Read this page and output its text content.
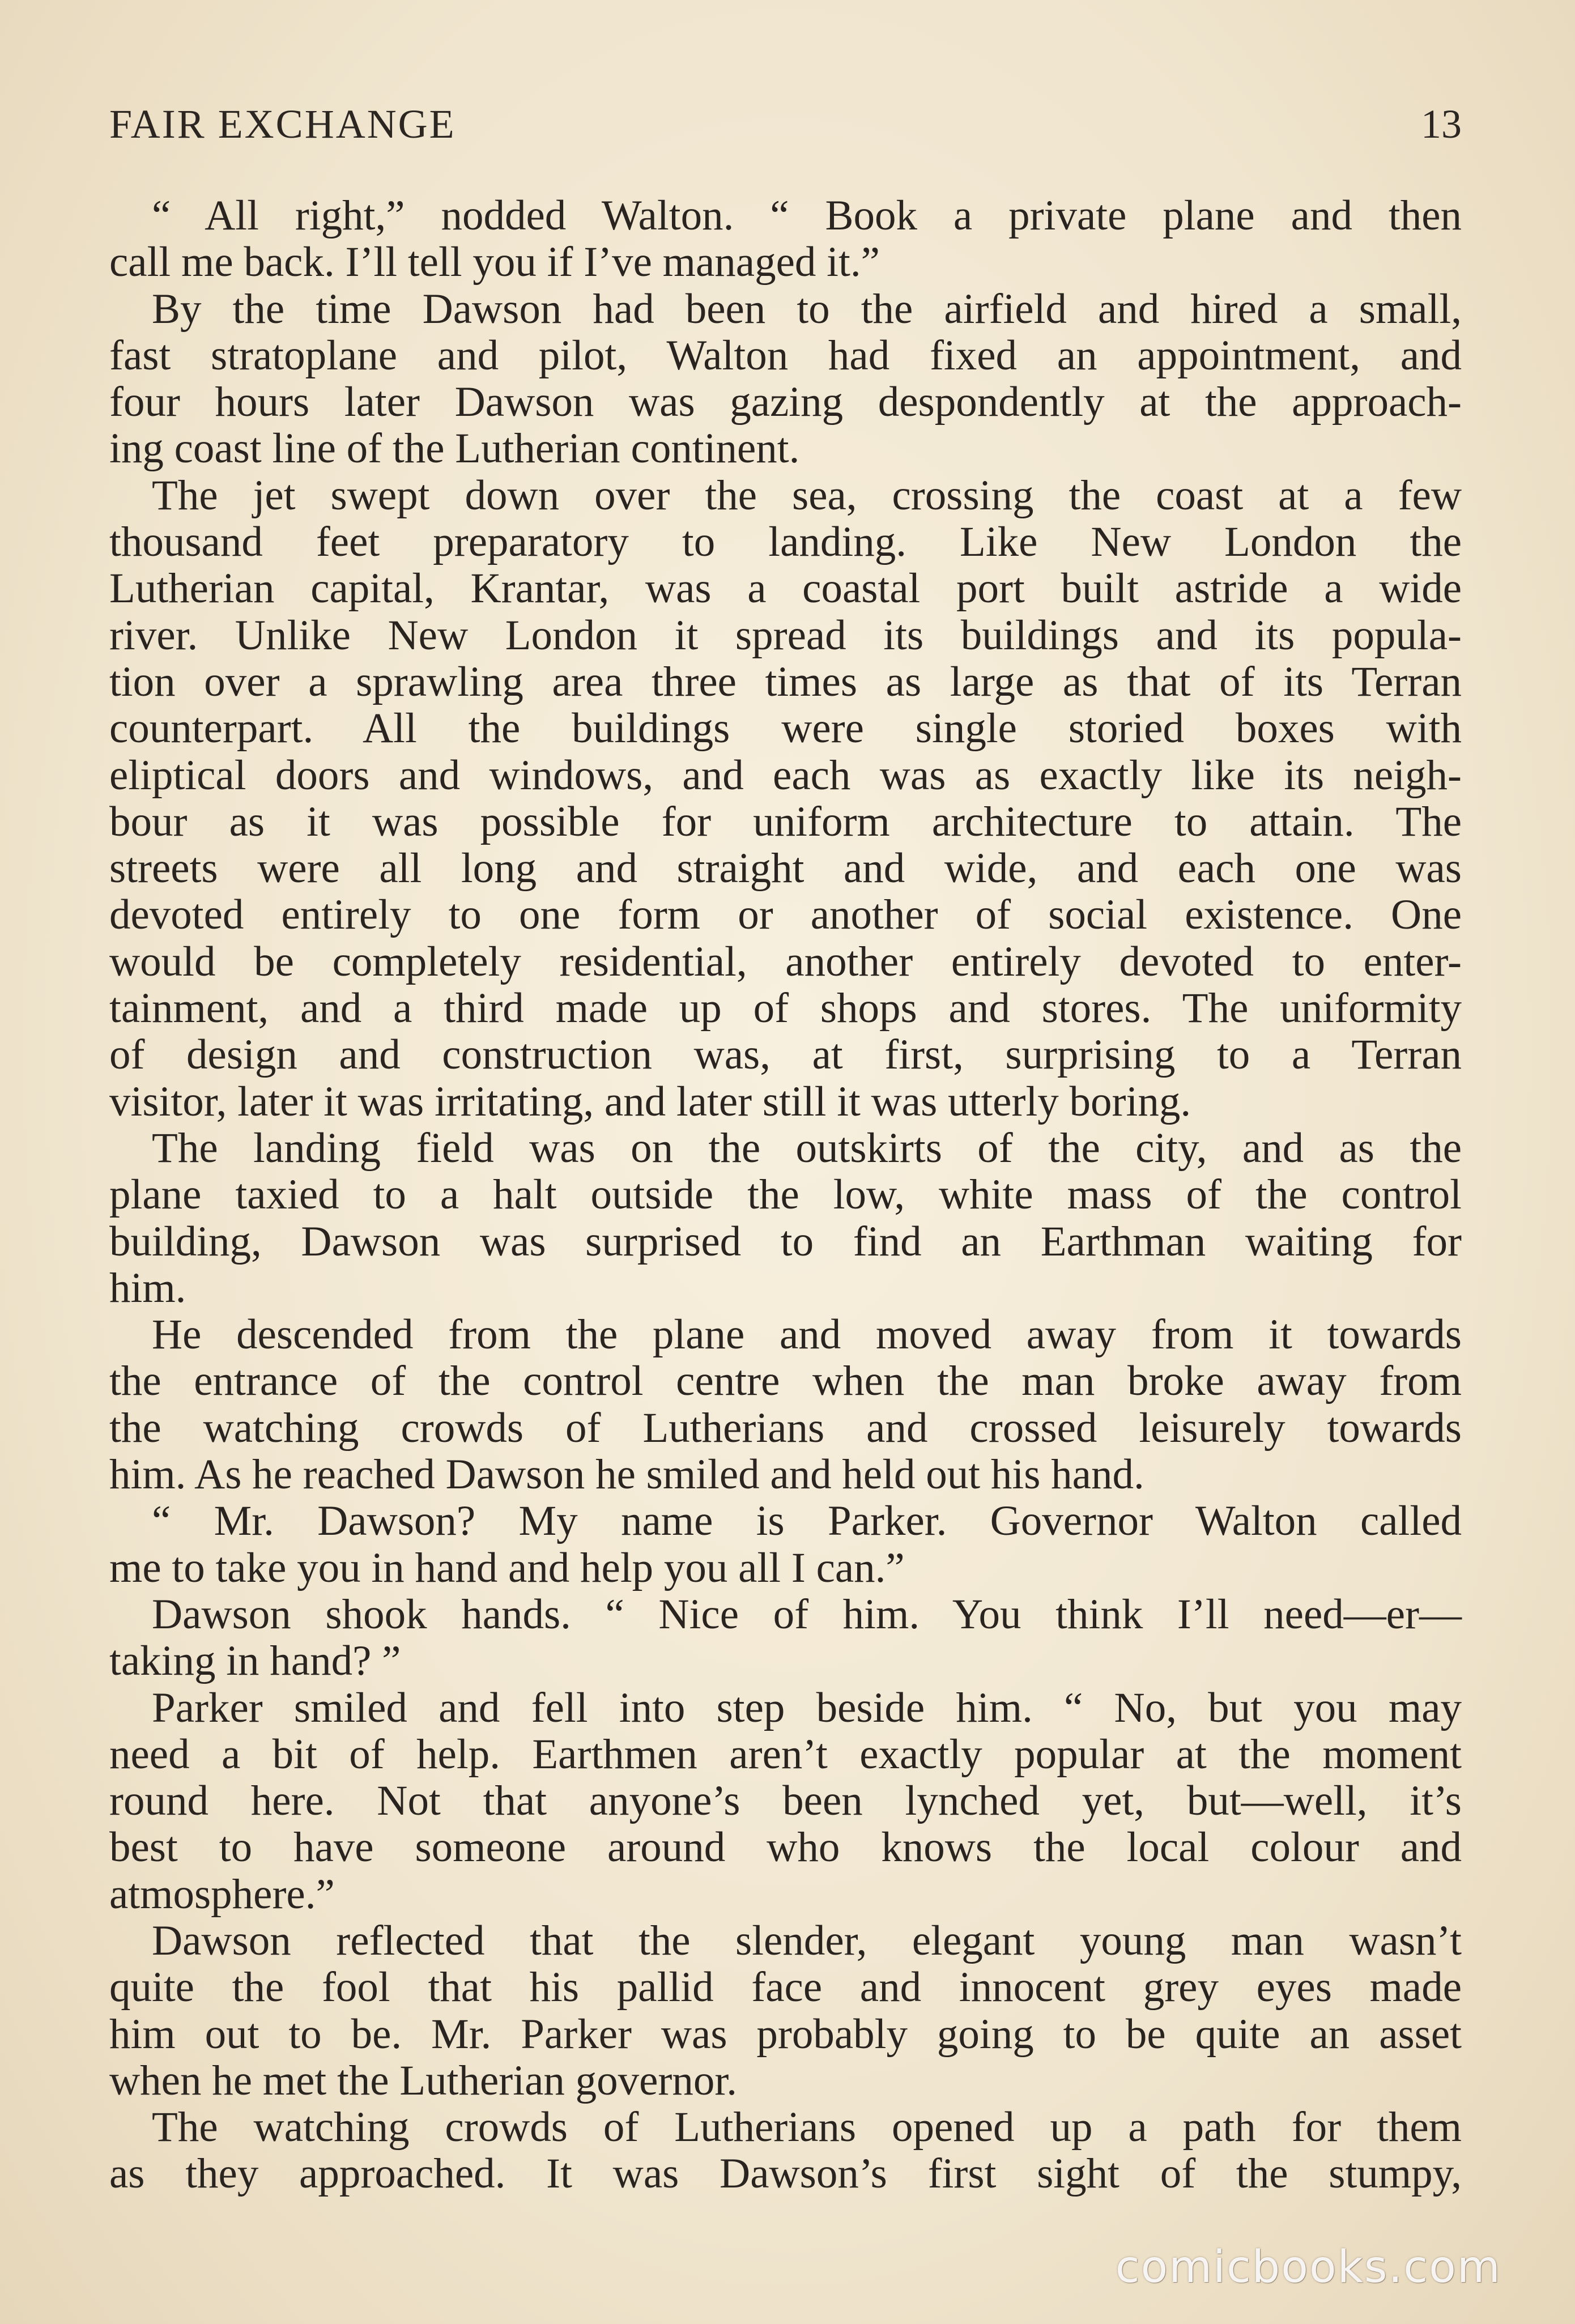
FAIR EXCHANGE	13
“ All right,” nodded Walton. “ Book a private plane and then
call me back. I’ll tell you if I’ve managed it.”
By the time Dawson had been to the airfield and hired a small,
fast stratoplane and pilot, Walton had fixed an appointment, and
four hours later Dawson was gazing despondently at the approach-
ing coast line of the Lutherian continent.
The jet swept down over the sea, crossing the coast at a few
thousand feet preparatory to landing. Like New London the
Lutherian capital, Krantar, was a coastal port built astride a wide
river. Unlike New London it spread its buildings and its popula-
tion over a sprawling area three times as large as that of its Terran
counterpart. All the buildings were single storied boxes with
eliptical doors and windows, and each was as exactly like its neigh-
bour as it was possible for uniform architecture to attain. The
streets were all long and straight and wide, and each one was
devoted entirely to one form or another of social existence. One
would be completely residential, another entirely devoted to enter-
tainment, and a third made up of shops and stores. The uniformity
of design and construction was, at first, surprising to a Terran
visitor, later it was irritating, and later still it was utterly boring.
The landing field was on the outskirts of the city, and as the
plane taxied to a halt outside the low, white mass of the control
building, Dawson was surprised to find an Earthman waiting for
him.
He descended from the plane and moved away from it towards
the entrance of the control centre when the man broke away from
the watching crowds of Lutherians and crossed leisurely towards
him. As he reached Dawson he smiled and held out his hand.
“ Mr. Dawson? My name is Parker. Governor Walton called
me to take you in hand and help you all I can.”
Dawson shook hands. “ Nice of him. You think I’ll need—er—
taking in hand? ”
Parker smiled and fell into step beside him. “ No, but you may
need a bit of help. Earthmen aren’t exactly popular at the moment
round here. Not that anyone’s been lynched yet, but—well, it’s
best to have someone around who knows the local colour and
atmosphere.”
Dawson reflected that the slender, elegant young man wasn’t
quite the fool that his pallid face and innocent grey eyes made
him out to be. Mr. Parker was probably going to be quite an asset
when he met the Lutherian governor.
The watching crowds of Lutherians opened up a path for them
as they approached. It was Dawson’s first sight of the stumpy,
comicbooks.com
